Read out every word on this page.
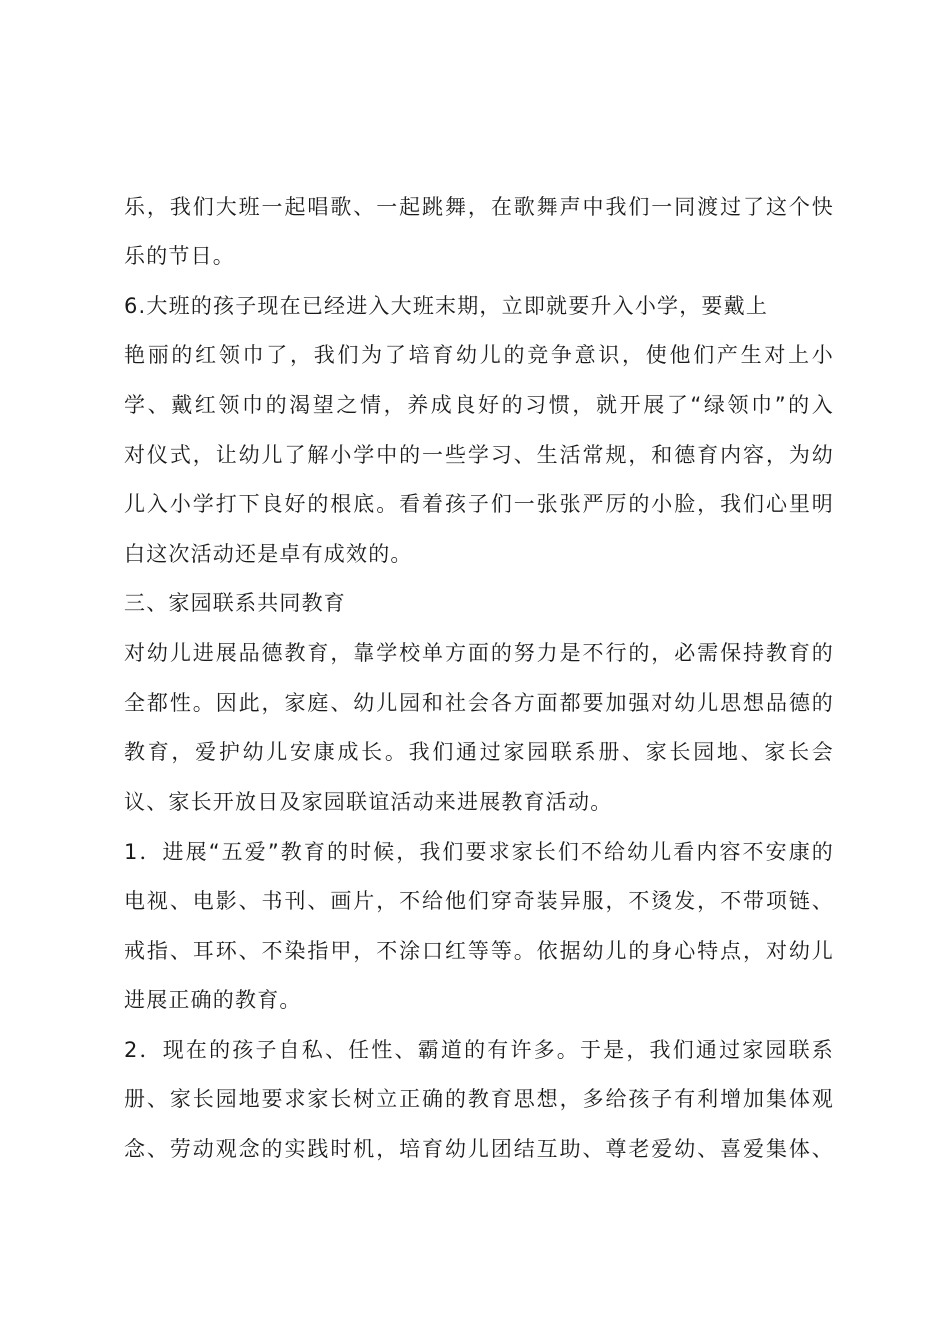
乐，我们大班一起唱歌、一起跳舞，在歌舞声中我们一同渡过了这个快
乐的节日。
6.大班的孩子现在已经进入大班末期，立即就要升入小学，要戴上
艳丽的红领巾了，我们为了培育幼儿的竞争意识，使他们产生对上小
学、戴红领巾的渴望之情，养成良好的习惯，就开展了“绿领巾”的入
对仪式，让幼儿了解小学中的一些学习、生活常规，和德育内容，为幼
儿入小学打下良好的根底。看着孩子们一张张严厉的小脸，我们心里明
白这次活动还是卓有成效的。
三、家园联系共同教育
对幼儿进展品德教育，靠学校单方面的努力是不行的，必需保持教育的
全都性。因此，家庭、幼儿园和社会各方面都要加强对幼儿思想品德的
教育，爱护幼儿安康成长。我们通过家园联系册、家长园地、家长会
议、家长开放日及家园联谊活动来进展教育活动。
1．进展“五爱”教育的时候，我们要求家长们不给幼儿看内容不安康的
电视、电影、书刊、画片，不给他们穿奇装异服，不烫发，不带项链、
戒指、耳环、不染指甲，不涂口红等等。依据幼儿的身心特点，对幼儿
进展正确的教育。
2．现在的孩子自私、任性、霸道的有许多。于是，我们通过家园联系
册、家长园地要求家长树立正确的教育思想，多给孩子有利增加集体观
念、劳动观念的实践时机，培育幼儿团结互助、尊老爱幼、喜爱集体、
